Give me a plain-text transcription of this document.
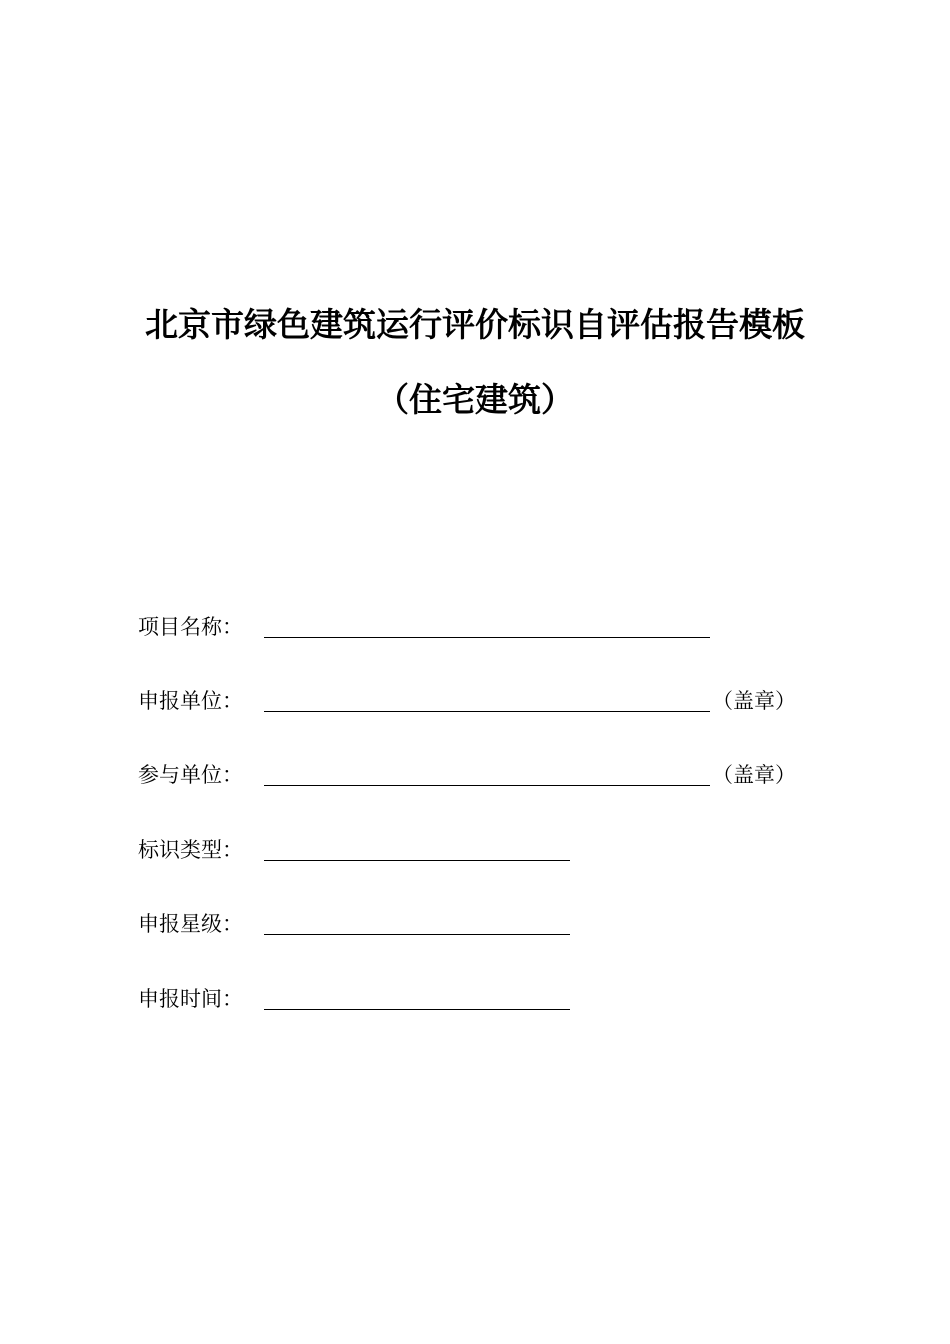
北京市绿色建筑运行评价标识自评估报告模板
（住宅建筑）
项目名称：
申报单位：	（盖章）
参与单位：	（盖章）
标识类型：
申报星级：
申报时间：
